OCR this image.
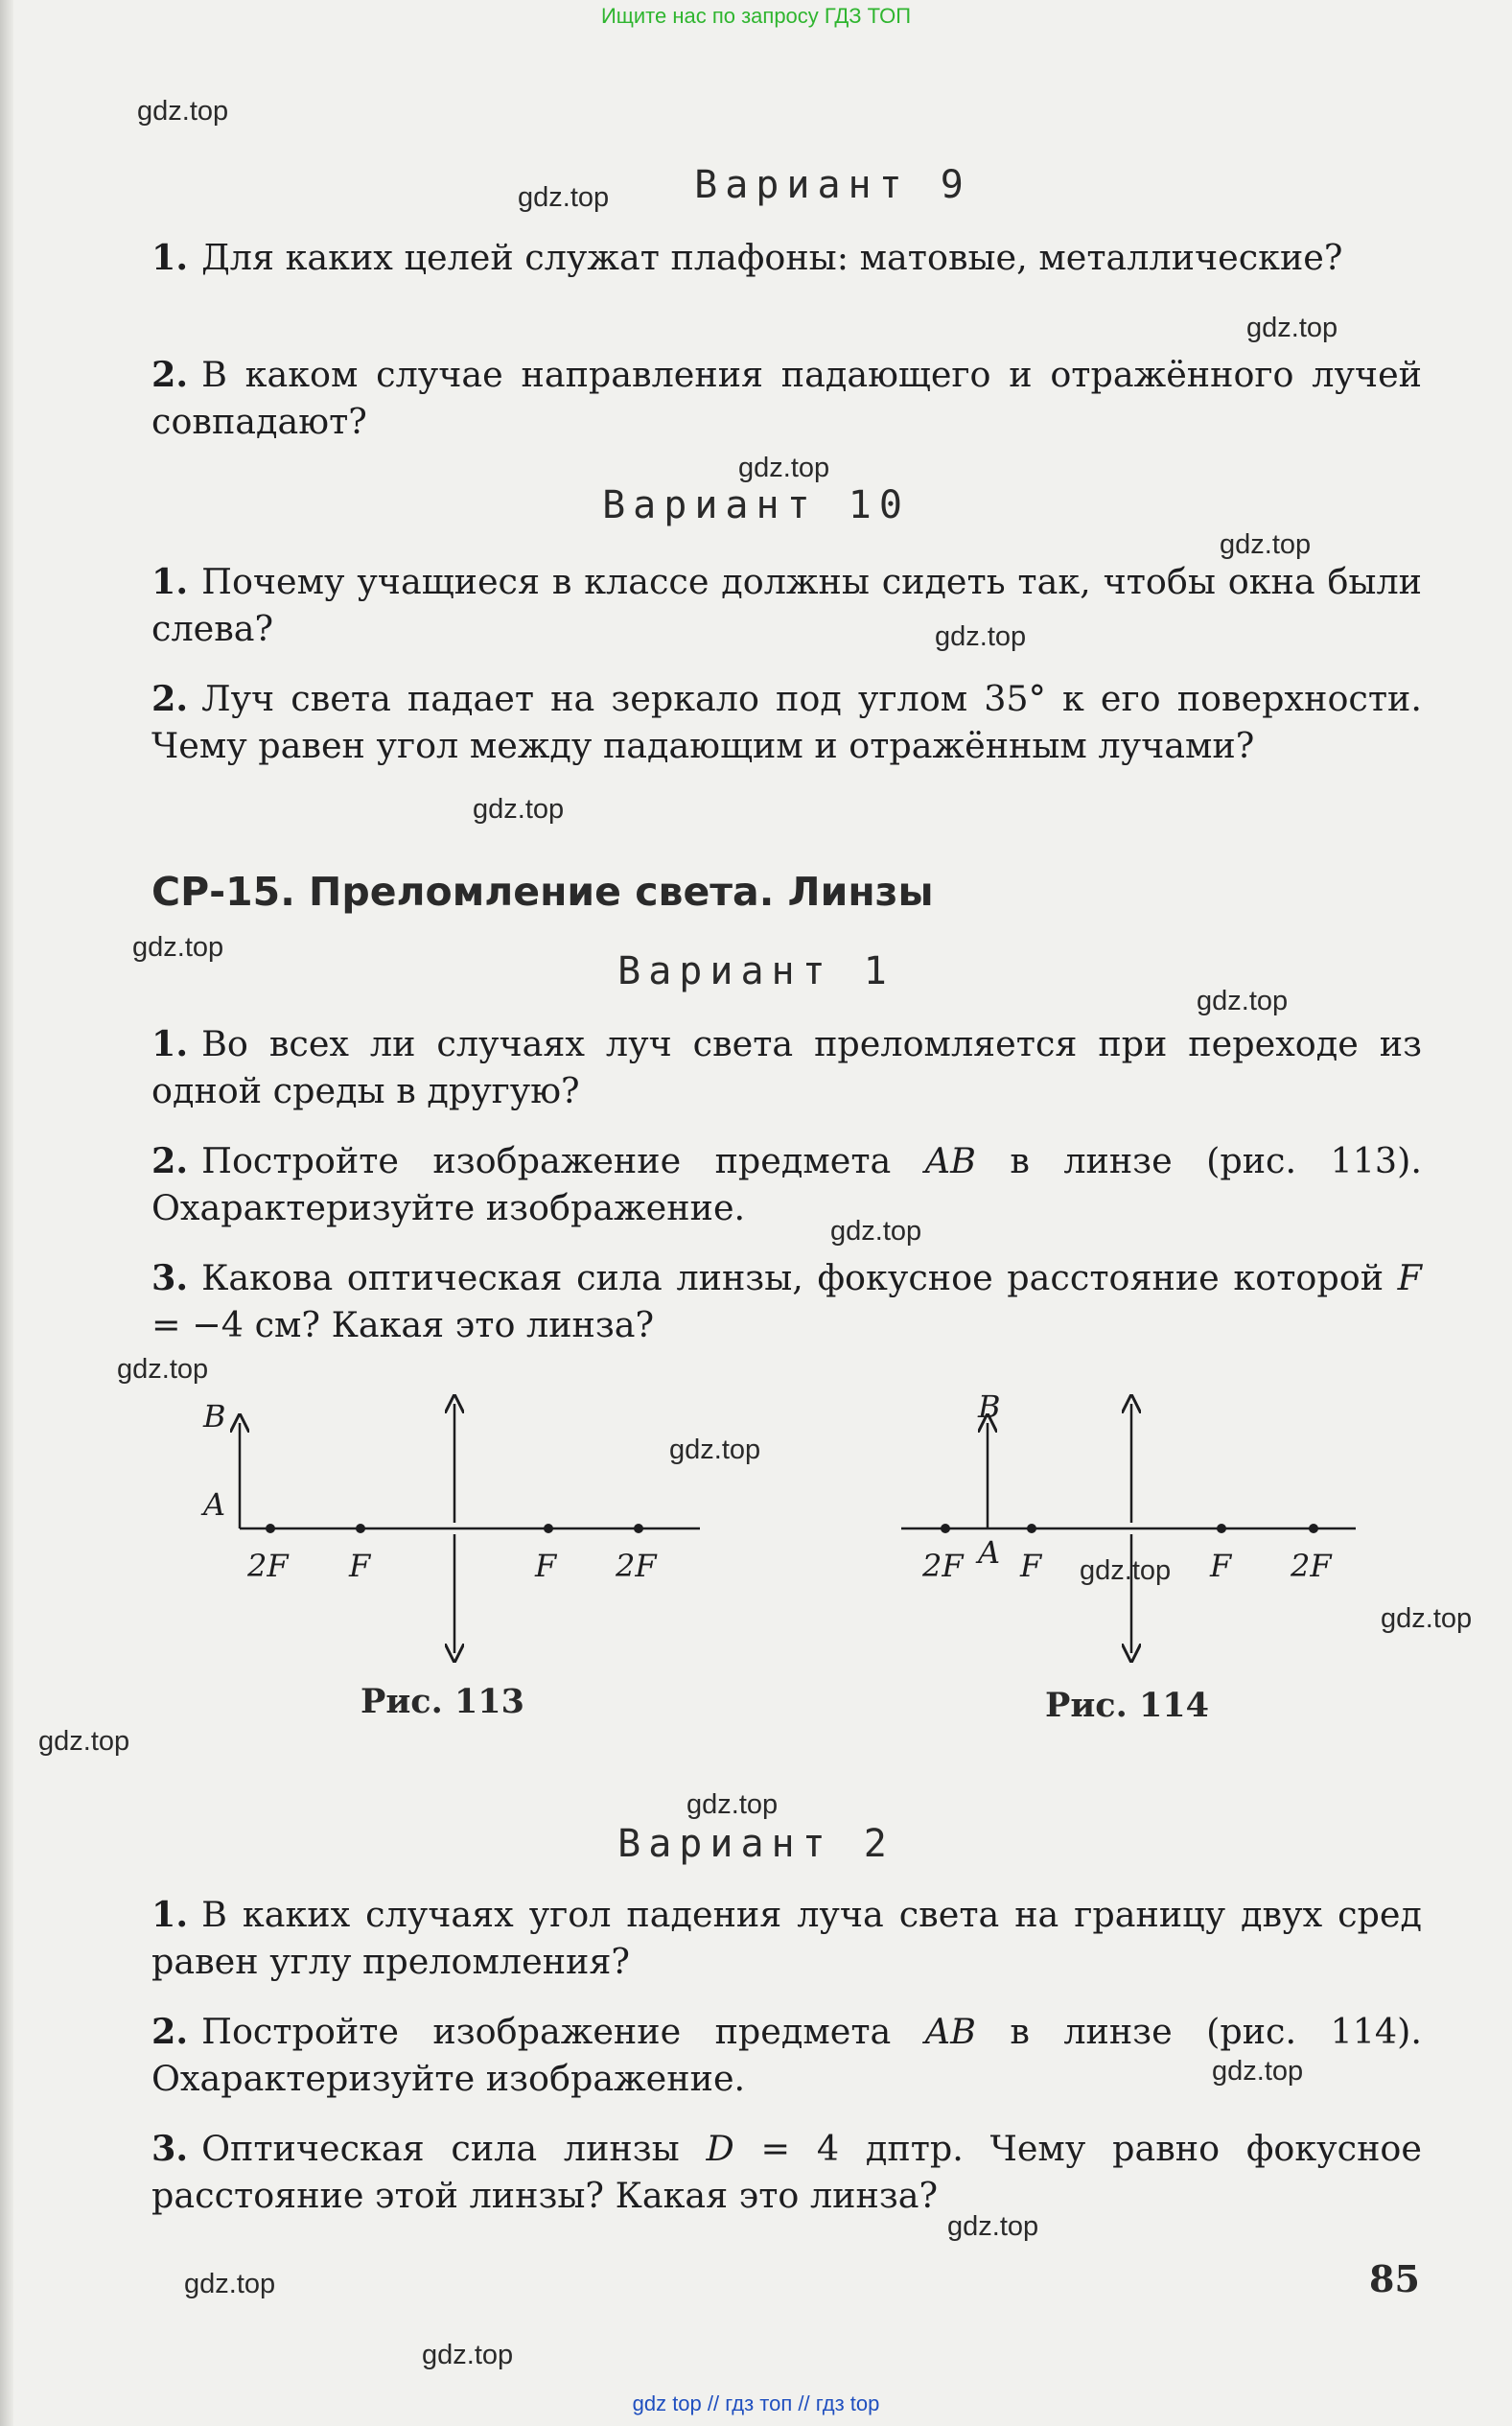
Ищите нас по запросу ГДЗ ТОП
gdz.top
gdz.top
gdz.top
gdz.top
gdz.top
gdz.top
gdz.top
gdz.top
gdz.top
gdz.top
gdz.top
gdz.top
gdz.top
gdz.top
gdz.top
gdz.top
gdz.top
gdz.top
gdz.top
gdz.top
Вариант 9
1. Для каких целей служат плафоны: матовые, металлические?
2. В каком случае направления падающего и отражённого лучей совпадают?
Вариант 10
1. Почему учащиеся в классе должны сидеть так, чтобы окна были слева?
2. Луч света падает на зеркало под углом 35° к его поверхности. Чему равен угол между падающим и отражённым лучами?
СР-15. Преломление света. Линзы
Вариант 1
1. Во всех ли случаях луч света преломляется при переходе из одной среды в другую?
2. Постройте изображение предмета AB в линзе (рис. 113). Охарактеризуйте изображение.
3. Какова оптическая сила линзы, фокусное расстояние которой F = −4 см? Какая это линза?
B
A
2F F	F 2F
Рис. 113
B
A
2F F	F 2F
Рис. 114
Вариант 2
1. В каких случаях угол падения луча света на границу двух сред равен углу преломления?
2. Постройте изображение предмета AB в линзе (рис. 114). Охарактеризуйте изображение.
3. Оптическая сила линзы D = 4 дптр. Чему равно фокусное расстояние этой линзы? Какая это линза?
85
gdz top // гдз топ // гдз top
